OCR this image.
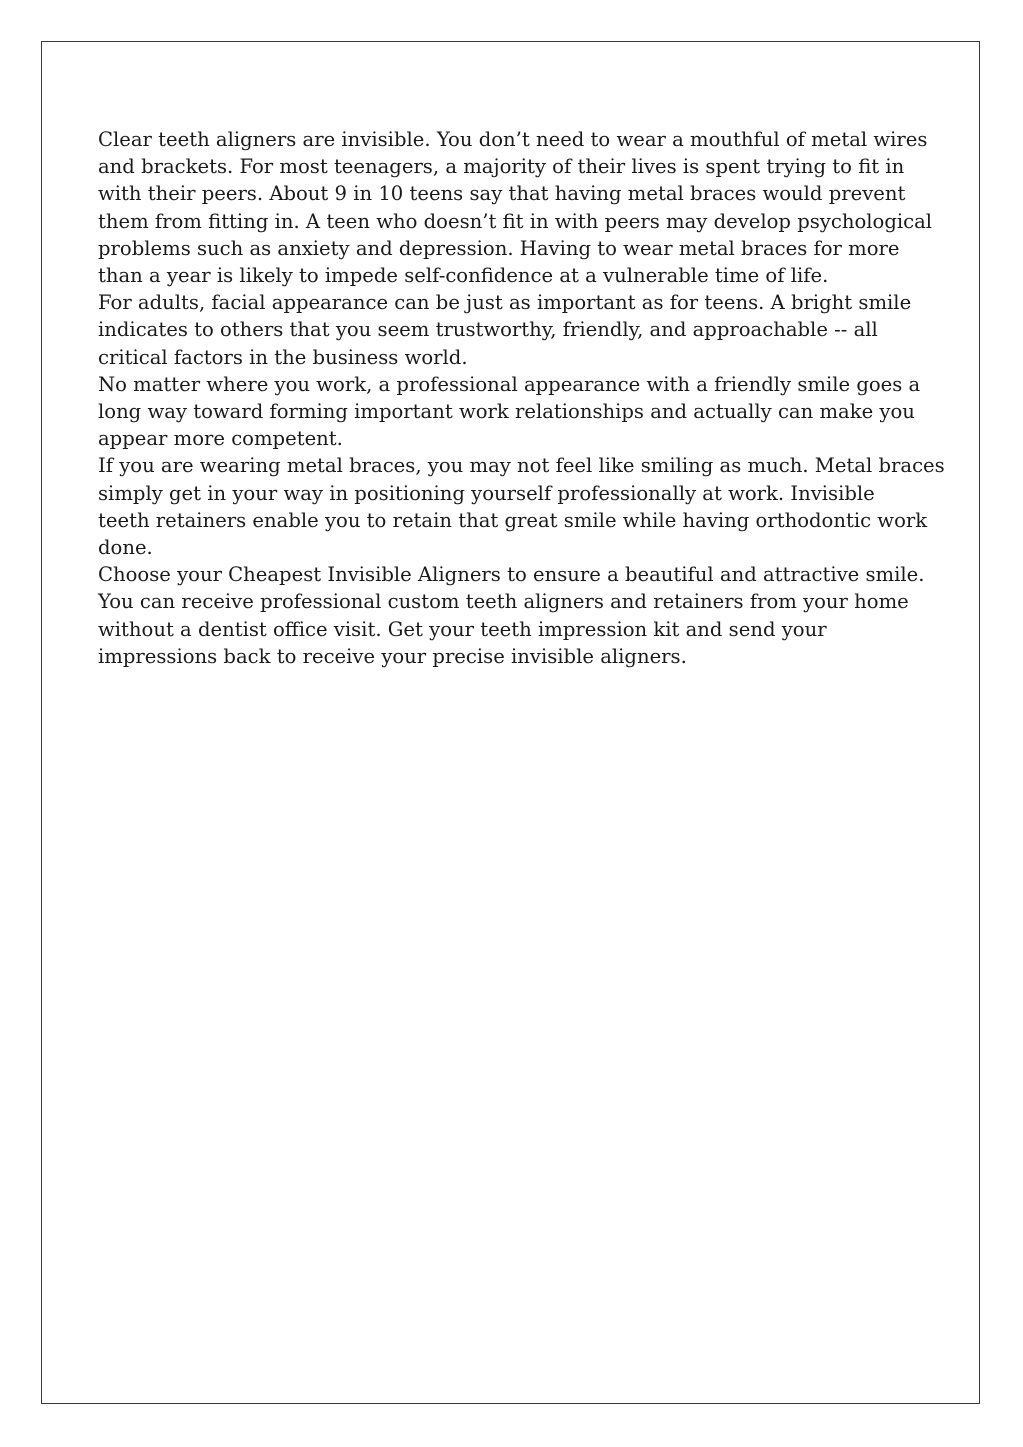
Clear teeth aligners are invisible. You don’t need to wear a mouthful of metal wires
and brackets. For most teenagers, a majority of their lives is spent trying to fit in
with their peers. About 9 in 10 teens say that having metal braces would prevent
them from fitting in. A teen who doesn’t fit in with peers may develop psychological
problems such as anxiety and depression. Having to wear metal braces for more
than a year is likely to impede self-confidence at a vulnerable time of life.

For adults, facial appearance can be just as important as for teens. A bright smile
indicates to others that you seem trustworthy, friendly, and approachable -- all
critical factors in the business world.

No matter where you work, a professional appearance with a friendly smile goes a
long way toward forming important work relationships and actually can make you
appear more competent.

If you are wearing metal braces, you may not feel like smiling as much. Metal braces
simply get in your way in positioning yourself professionally at work. Invisible
teeth retainers enable you to retain that great smile while having orthodontic work
done.

Choose your Cheapest Invisible Aligners to ensure a beautiful and attractive smile.
You can receive professional custom teeth aligners and retainers from your home
without a dentist office visit. Get your teeth impression kit and send your
impressions back to receive your precise invisible aligners.
